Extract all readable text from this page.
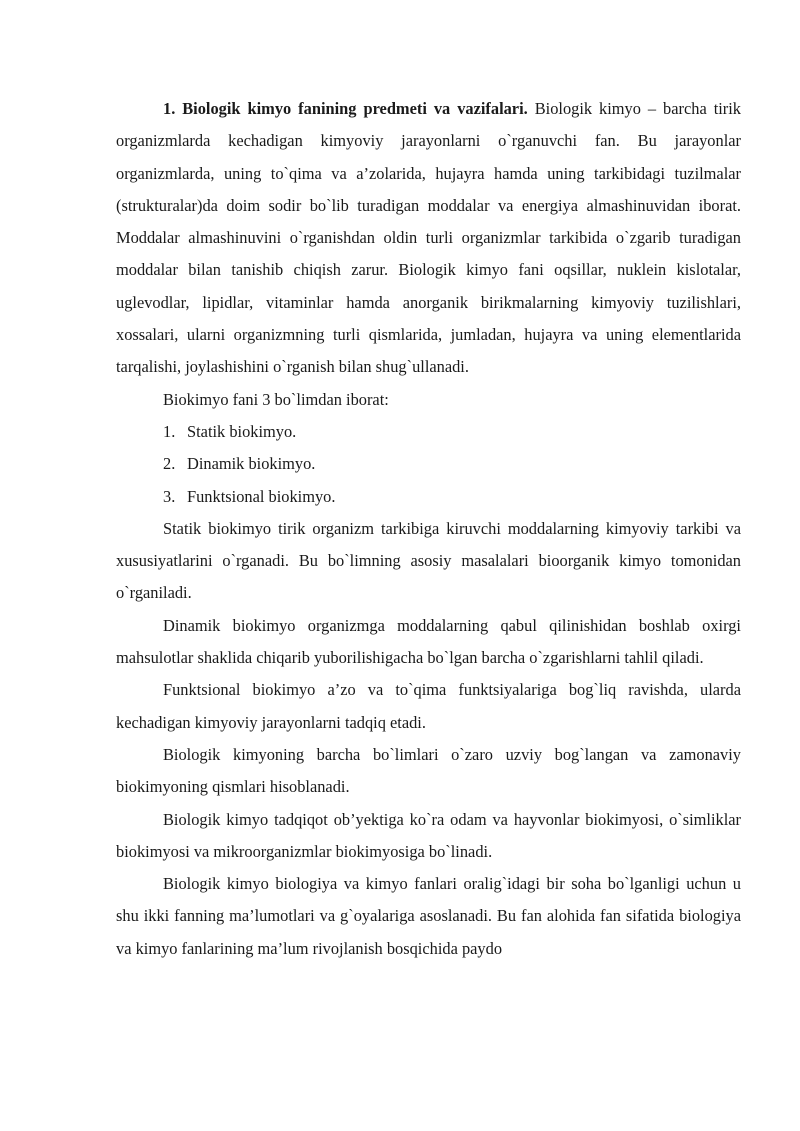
1. Biologik kimyo fanining predmeti va vazifalari. Biologik kimyo – barcha tirik organizmlarda kechadigan kimyoviy jarayonlarni o`rganuvchi fan. Bu jarayonlar organizmlarda, uning to`qima va a’zolarida, hujayra hamda uning tarkibidagi tuzilmalar (strukturalar)da doim sodir bo`lib turadigan moddalar va energiya almashinuvidan iborat. Moddalar almashinuvini o`rganishdan oldin turli organizmlar tarkibida o`zgarib turadigan moddalar bilan tanishib chiqish zarur. Biologik kimyo fani oqsillar, nuklein kislotalar, uglevodlar, lipidlar, vitaminlar hamda anorganik birikmalarning kimyoviy tuzilishlari, xossalari, ularni organizmning turli qismlarida, jumladan, hujayra va uning elementlarida tarqalishi, joylashishini o`rganish bilan shug`ullanadi.

Biokimyo fani 3 bo`limdan iborat:

1. Statik biokimyo.
2. Dinamik biokimyo.
3. Funktsional biokimyo.

Statik biokimyo tirik organizm tarkibiga kiruvchi moddalarning kimyoviy tarkibi va xususiyatlarini o`rganadi. Bu bo`limning asosiy masalalari bioorganik kimyo tomonidan o`rganiladi.

Dinamik biokimyo organizmga moddalarning qabul qilinishidan boshlab oxirgi mahsulotlar shaklida chiqarib yuborilishigacha bo`lgan barcha o`zgarishlarni tahlil qiladi.

Funktsional biokimyo a’zo va to`qima funktsiyalariga bog`liq ravishda, ularda kechadigan kimyoviy jarayonlarni tadqiq etadi.

Biologik kimyoning barcha bo`limlari o`zaro uzviy bog`langan va zamonaviy biokimyoning qismlari hisoblanadi.

Biologik kimyo tadqiqot ob’yektiga ko`ra odam va hayvonlar biokimyosi, o`simliklar biokimyosi va mikroorganizmlar biokimyosiga bo`linadi.

Biologik kimyo biologiya va kimyo fanlari oralig`idagi bir soha bo`lganligi uchun u shu ikki fanning ma’lumotlari va g`oyalariga asoslanadi. Bu fan alohida fan sifatida biologiya va kimyo fanlarining ma’lum rivojlanish bosqichida paydo
